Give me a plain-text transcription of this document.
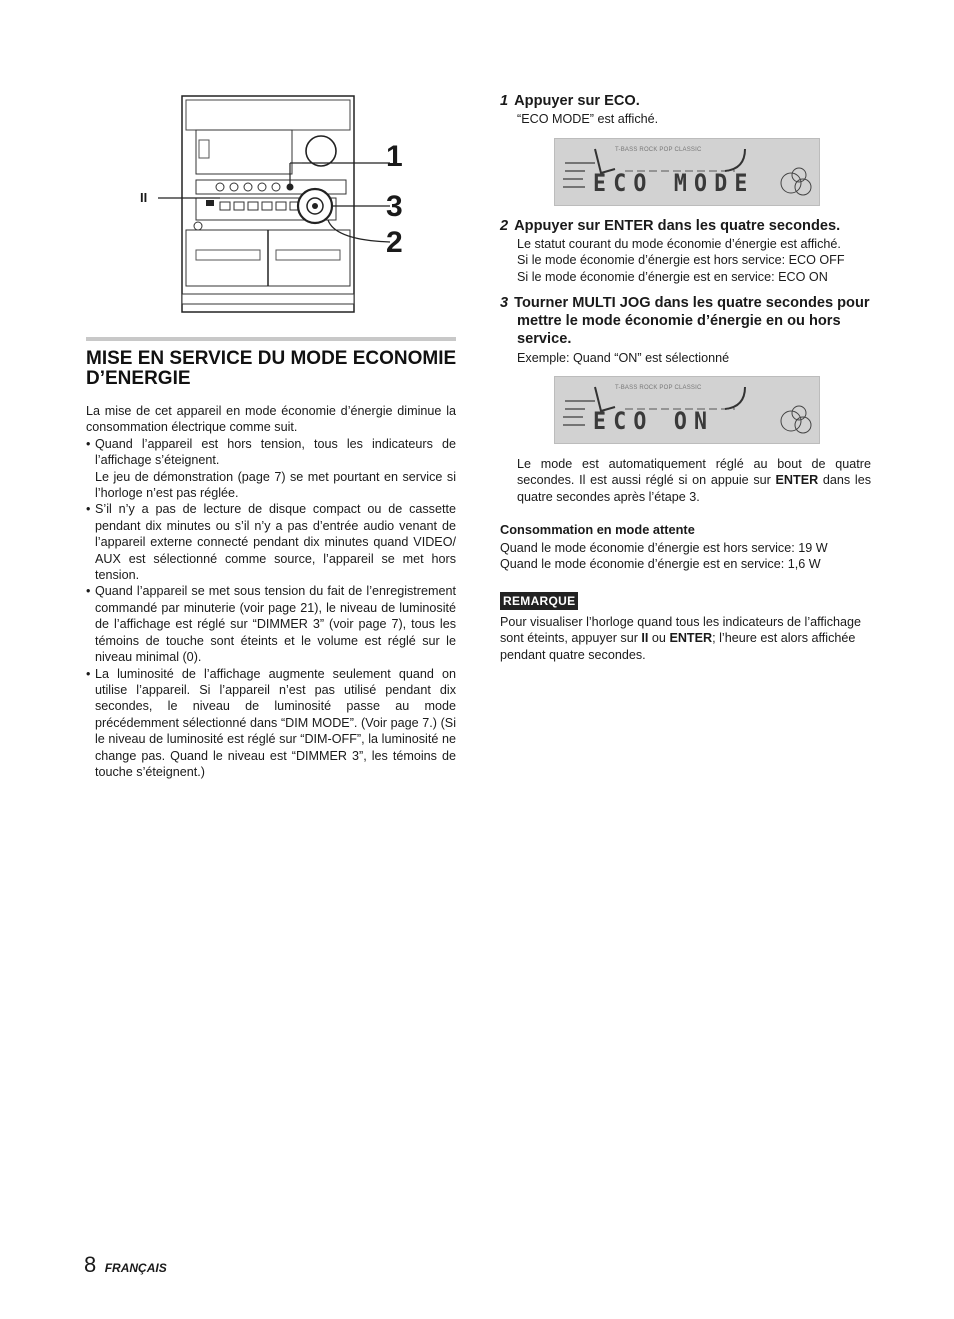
1
3
2
II
MISE EN SERVICE DU MODE ECONOMIE
D’ENERGIE
La mise de cet appareil en mode économie d’énergie diminue la consommation électrique comme suit.
• Quand l’appareil est hors tension, tous les indicateurs de l’affichage s’éteignent.
Le jeu de démonstration (page 7) se met pourtant en service si l’horloge n’est pas réglée.
• S’il n’y a pas de lecture de disque compact ou de cassette pendant dix minutes ou s’il n’y a pas d’entrée audio venant de l’appareil externe connecté pendant dix minutes quand VIDEO/ AUX est sélectionné comme source, l’appareil se met hors tension.
• Quand l’appareil se met sous tension du fait de l’enregistrement commandé par minuterie (voir page 21), le niveau de luminosité de l’affichage est réglé sur “DIMMER 3” (voir page 7), tous les témoins de touche sont éteints et le volume est réglé sur le niveau minimal (0).
• La luminosité de l’affichage augmente seulement quand on utilise l’appareil. Si l’appareil n’est pas utilisé pendant dix secondes, le niveau de luminosité passe au mode précédemment sélectionné dans “DIM MODE”. (Voir page 7.) (Si le niveau de luminosité est réglé sur “DIM-OFF”, la luminosité ne change pas. Quand le niveau est “DIMMER 3”, les témoins de touche s’éteignent.)
1 Appuyer sur ECO.
“ECO MODE” est affiché.
T-BASS ROCK POP CLASSIC
ECO MODE
2 Appuyer sur ENTER dans les quatre secondes.
Le statut courant du mode économie d’énergie est affiché.
Si le mode économie d’énergie est hors service: ECO OFF
Si le mode économie d’énergie est en service: ECO ON
3 Tourner MULTI JOG dans les quatre secondes pour mettre le mode économie d’énergie en ou hors service.
Exemple: Quand “ON” est sélectionné
T-BASS ROCK POP CLASSIC
ECO ON
Le mode est automatiquement réglé au bout de quatre secondes. Il est aussi réglé si on appuie sur ENTER dans les quatre secondes après l’étape 3.
Consommation en mode attente
Quand le mode économie d’énergie est hors service: 19 W
Quand le mode économie d’énergie est en service: 1,6 W
REMARQUE
Pour visualiser l’horloge quand tous les indicateurs de l’affichage sont éteints, appuyer sur II ou ENTER; l’heure est alors affichée pendant quatre secondes.
8 FRANÇAIS
